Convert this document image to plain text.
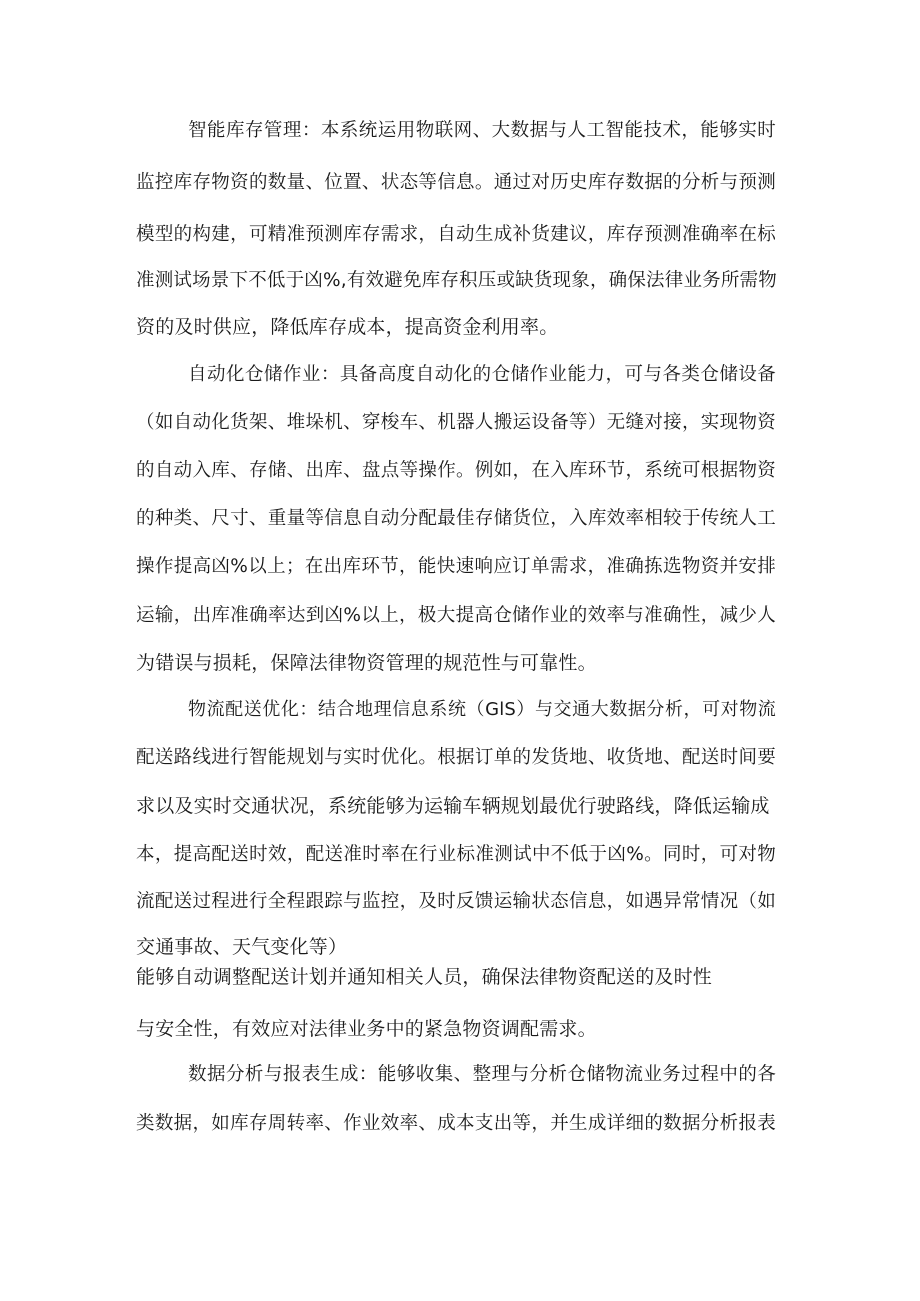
智能库存管理：本系统运用物联网、大数据与人工智能技术，能够实时
监控库存物资的数量、位置、状态等信息。通过对历史库存数据的分析与预测
模型的构建，可精准预测库存需求，自动生成补货建议，库存预测准确率在标
准测试场景下不低于凶%,有效避免库存积压或缺货现象，确保法律业务所需物
资的及时供应，降低库存成本，提高资金利用率。
自动化仓储作业：具备高度自动化的仓储作业能力，可与各类仓储设备
（如自动化货架、堆垛机、穿梭车、机器人搬运设备等）无缝对接，实现物资
的自动入库、存储、出库、盘点等操作。例如，在入库环节，系统可根据物资
的种类、尺寸、重量等信息自动分配最佳存储货位，入库效率相较于传统人工
操作提高凶%以上；在出库环节，能快速响应订单需求，准确拣选物资并安排
运输，出库准确率达到凶%以上，极大提高仓储作业的效率与准确性，减少人
为错误与损耗，保障法律物资管理的规范性与可靠性。
物流配送优化：结合地理信息系统（GlS）与交通大数据分析，可对物流
配送路线进行智能规划与实时优化。根据订单的发货地、收货地、配送时间要
求以及实时交通状况，系统能够为运输车辆规划最优行驶路线，降低运输成
本，提高配送时效，配送准时率在行业标准测试中不低于凶%。同时，可对物
流配送过程进行全程跟踪与监控，及时反馈运输状态信息，如遇异常情况（如
交通事故、天气变化等）
能够自动调整配送计划并通知相关人员，确保法律物资配送的及时性
与安全性，有效应对法律业务中的紧急物资调配需求。
数据分析与报表生成：能够收集、整理与分析仓储物流业务过程中的各
类数据，如库存周转率、作业效率、成本支出等，并生成详细的数据分析报表
